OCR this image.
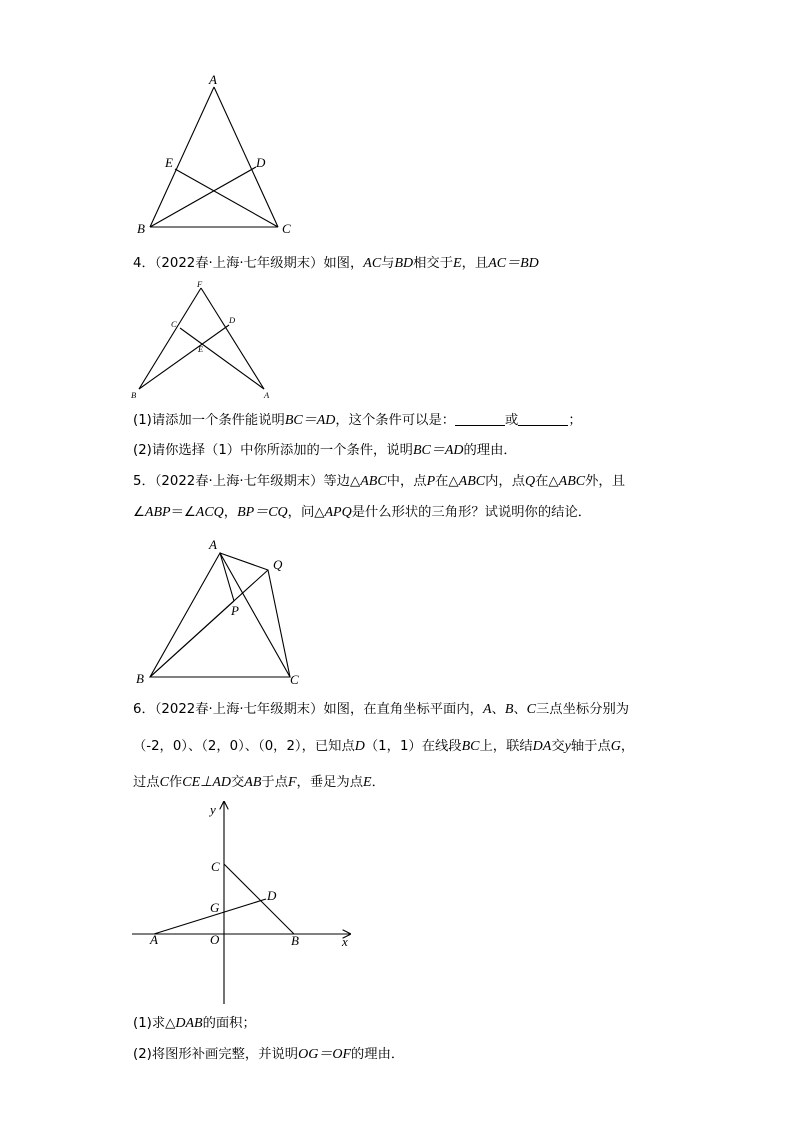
A
E	D
B	C
4．（2022春·上海·七年级期末）如图，AC与BD相交于E，且AC＝BD
F
C	D
E
B	A
(1)请添加一个条件能说明BC＝AD，这个条件可以是：	或	；
(2)请你选择（1）中你所添加的一个条件，说明BC＝AD的理由．
5．（2022春·上海·七年级期末）等边△ABC中，点P在△ABC内，点Q在△ABC外，且
∠ABP＝∠ACQ，BP＝CQ，问△APQ是什么形状的三角形？试说明你的结论．
A
Q
P
B	C
6．（2022春·上海·七年级期末）如图，在直角坐标平面内，A、B、C三点坐标分别为
（-2，0）、（2，0）、（0，2），已知点D（1，1）在线段BC上，联结DA交y轴于点G，
过点C作CE⊥AD交AB于点F，垂足为点E．
y
x
C
D
G
A	O	B
(1)求△DAB的面积；
(2)将图形补画完整，并说明OG＝OF的理由．
